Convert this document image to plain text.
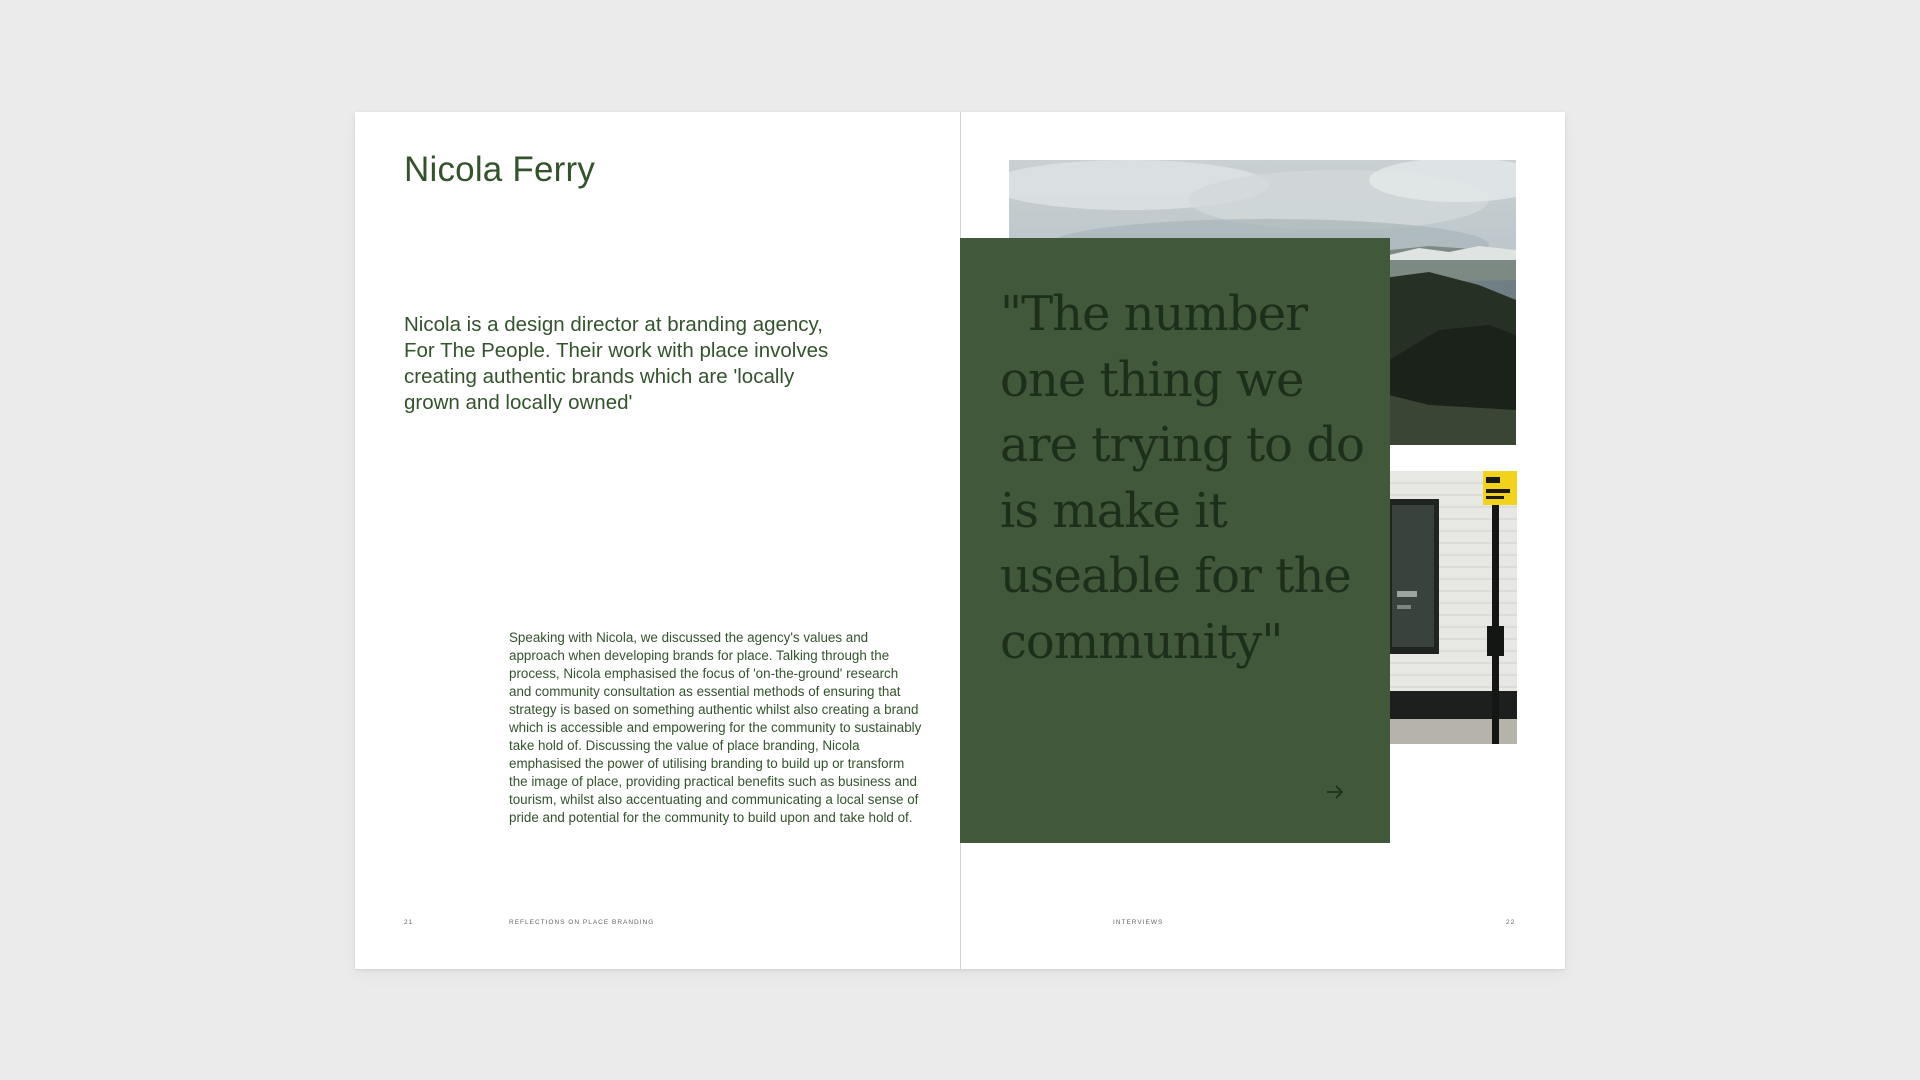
Nicola Ferry

Nicola is a design director at branding agency, For The People. Their work with place involves creating authentic brands which are 'locally grown and locally owned'

Speaking with Nicola, we discussed the agency's values and approach when developing brands for place. Talking through the process, Nicola emphasised the focus of 'on-the-ground' research and community consultation as essential methods of ensuring that strategy is based on something authentic whilst also creating a brand which is accessible and empowering for the community to sustainably take hold of. Discussing the value of place branding, Nicola emphasised the power of utilising branding to build up or transform the image of place, providing practical benefits such as business and tourism, whilst also accentuating and communicating a local sense of pride and potential for the community to build upon and take hold of.

21	REFLECTIONS ON PLACE BRANDING

"The number one thing we are trying to do is make it useable for the community"

INTERVIEWS	22
